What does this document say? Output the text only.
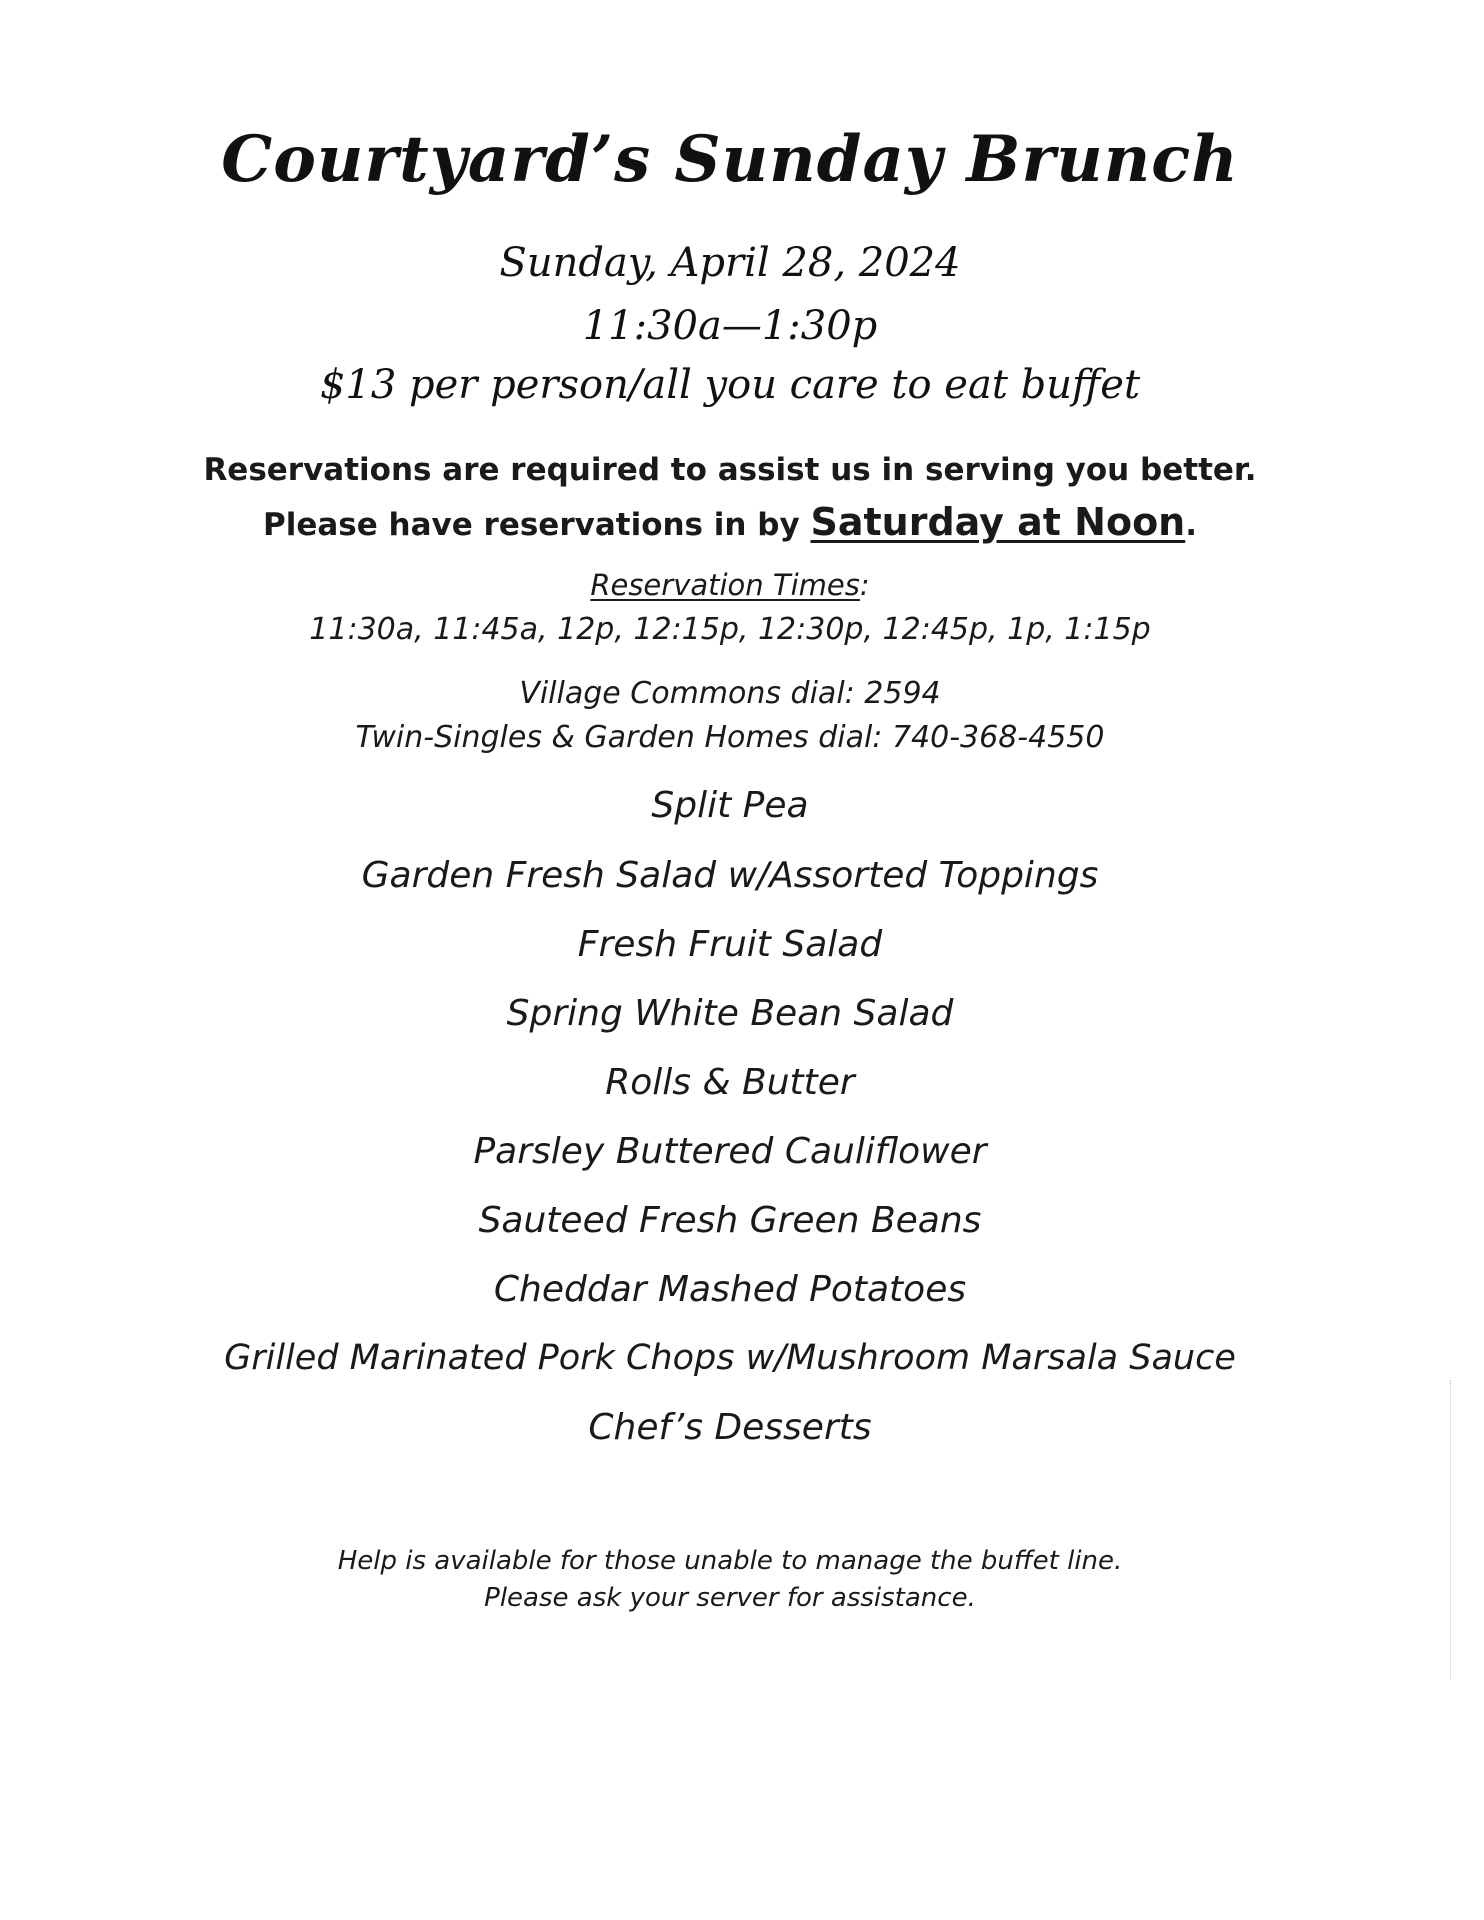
Courtyard’s Sunday Brunch
Sunday, April 28, 2024
11:30a—1:30p
$13 per person/all you care to eat buffet
Reservations are required to assist us in serving you better.
Please have reservations in by Saturday at Noon.
Reservation Times:
11:30a, 11:45a, 12p, 12:15p, 12:30p, 12:45p, 1p, 1:15p
Village Commons dial: 2594
Twin-Singles & Garden Homes dial: 740-368-4550
Split Pea
Garden Fresh Salad w/Assorted Toppings
Fresh Fruit Salad
Spring White Bean Salad
Rolls & Butter
Parsley Buttered Cauliflower
Sauteed Fresh Green Beans
Cheddar Mashed Potatoes
Grilled Marinated Pork Chops w/Mushroom Marsala Sauce
Chef’s Desserts
Help is available for those unable to manage the buffet line.
Please ask your server for assistance.
